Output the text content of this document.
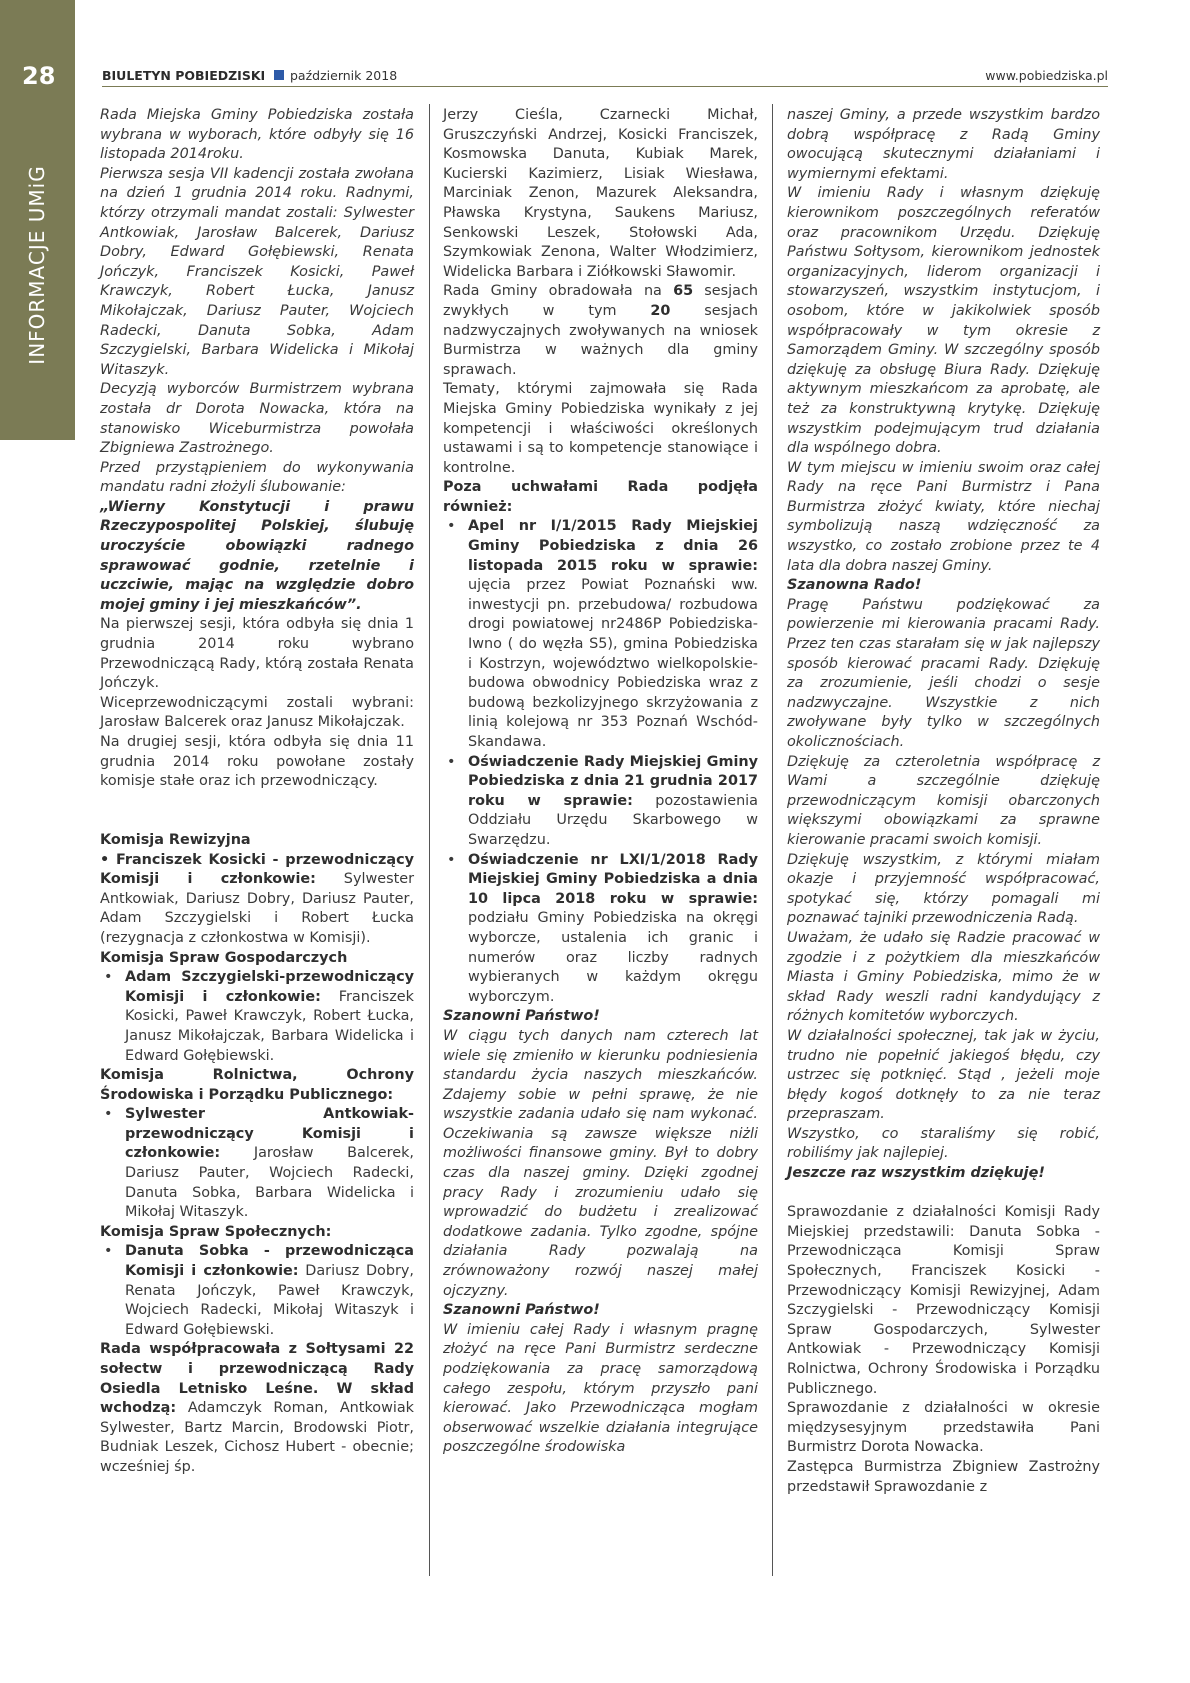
28
INFORMACJE UMiG
BIULETYN POBIEDZISKI październik 2018	www.pobiedziska.pl

Rada Miejska Gminy Pobiedziska została wybrana w wyborach, które odbyły się 16 listopada 2014roku.

Pierwsza sesja VII kadencji została zwołana na dzień 1 grudnia 2014 roku. Radnymi, którzy otrzymali mandat zostali: Sylwester Antkowiak, Jarosław Balcerek, Dariusz Dobry, Edward Gołębiewski, Renata Jończyk, Franciszek Kosicki, Paweł Krawczyk, Robert Łucka, Janusz Mikołajczak, Dariusz Pauter, Wojciech Radecki, Danuta Sobka, Adam Szczygielski, Barbara Widelicka i Mikołaj Witaszyk.

Decyzją wyborców Burmistrzem wybrana została dr Dorota Nowacka, która na stanowisko Wiceburmistrza powołała Zbigniewa Zastrożnego.

Przed przystąpieniem do wykonywania mandatu radni złożyli ślubowanie:

„Wierny Konstytucji i prawu Rzeczypospolitej Polskiej, ślubuję uroczyście obowiązki radnego sprawować godnie, rzetelnie i uczciwie, mając na względzie dobro mojej gminy i jej mieszkańców”.

Na pierwszej sesji, która odbyła się dnia 1 grudnia 2014 roku wybrano Przewodniczącą Rady, którą została Renata Jończyk.

Wiceprzewodniczącymi zostali wybrani: Jarosław Balcerek oraz Janusz Mikołajczak.

Na drugiej sesji, która odbyła się dnia 11 grudnia 2014 roku powołane zostały komisje stałe oraz ich przewodniczący.

Komisja Rewizyjna

• Franciszek Kosicki - przewodniczący Komisji i członkowie: Sylwester Antkowiak, Dariusz Dobry, Dariusz Pauter, Adam Szczygielski i Robert Łucka (rezygnacja z członkostwa w Komisji).

Komisja Spraw Gospodarczych

• Adam Szczygielski-przewodniczący Komisji i członkowie: Franciszek Kosicki, Paweł Krawczyk, Robert Łucka, Janusz Mikołajczak, Barbara Widelicka i Edward Gołębiewski.

Komisja Rolnictwa, Ochrony Środowiska i Porządku Publicznego:

• Sylwester Antkowiak-przewodniczący Komisji i członkowie: Jarosław Balcerek, Dariusz Pauter, Wojciech Radecki, Danuta Sobka, Barbara Widelicka i Mikołaj Witaszyk.

Komisja Spraw Społecznych:

• Danuta Sobka - przewodnicząca Komisji i członkowie: Dariusz Dobry, Renata Jończyk, Paweł Krawczyk, Wojciech Radecki, Mikołaj Witaszyk i Edward Gołębiewski.

Rada współpracowała z Sołtysami 22 sołectw i przewodniczącą Rady Osiedla Letnisko Leśne. W skład wchodzą: Adamczyk Roman, Antkowiak Sylwester, Bartz Marcin, Brodowski Piotr, Budniak Leszek, Cichosz Hubert - obecnie; wcześniej śp.

Jerzy Cieśla, Czarnecki Michał, Gruszczyński Andrzej, Kosicki Franciszek, Kosmowska Danuta, Kubiak Marek, Kucierski Kazimierz, Lisiak Wiesława, Marciniak Zenon, Mazurek Aleksandra, Pławska Krystyna, Saukens Mariusz, Senkowski Leszek, Stołowski Ada, Szymkowiak Zenona, Walter Włodzimierz, Widelicka Barbara i Ziółkowski Sławomir.

Rada Gminy obradowała na 65 sesjach zwykłych w tym 20 sesjach nadzwyczajnych zwoływanych na wniosek Burmistrza w ważnych dla gminy sprawach.

Tematy, którymi zajmowała się Rada Miejska Gminy Pobiedziska wynikały z jej kompetencji i właściwości określonych ustawami i są to kompetencje stanowiące i kontrolne.

Poza uchwałami Rada podjęła również:

• Apel nr I/1/2015 Rady Miejskiej Gminy Pobiedziska z dnia 26 listopada 2015 roku w sprawie: ujęcia przez Powiat Poznański ww. inwestycji pn. przebudowa/ rozbudowa drogi powiatowej nr2486P Pobiedziska-Iwno ( do węzła S5), gmina Pobiedziska i Kostrzyn, województwo wielkopolskie- budowa obwodnicy Pobiedziska wraz z budową bezkolizyjnego skrzyżowania z linią kolejową nr 353 Poznań Wschód-Skandawa.

• Oświadczenie Rady Miejskiej Gminy Pobiedziska z dnia 21 grudnia 2017 roku w sprawie: pozostawienia Oddziału Urzędu Skarbowego w Swarzędzu.

• Oświadczenie nr LXI/1/2018 Rady Miejskiej Gminy Pobiedziska a dnia 10 lipca 2018 roku w sprawie: podziału Gminy Pobiedziska na okręgi wyborcze, ustalenia ich granic i numerów oraz liczby radnych wybieranych w każdym okręgu wyborczym.

Szanowni Państwo!

W ciągu tych danych nam czterech lat wiele się zmieniło w kierunku podniesienia standardu życia naszych mieszkańców. Zdajemy sobie w pełni sprawę, że nie wszystkie zadania udało się nam wykonać. Oczekiwania są zawsze większe niżli możliwości finansowe gminy. Był to dobry czas dla naszej gminy. Dzięki zgodnej pracy Rady i zrozumieniu udało się wprowadzić do budżetu i zrealizować dodatkowe zadania. Tylko zgodne, spójne działania Rady pozwalają na zrównoważony rozwój naszej małej ojczyzny.

Szanowni Państwo!

W imieniu całej Rady i własnym pragnę złożyć na ręce Pani Burmistrz serdeczne podziękowania za pracę samorządową całego zespołu, którym przyszło pani kierować. Jako Przewodnicząca mogłam obserwować wszelkie działania integrujące poszczególne środowiska

naszej Gminy, a przede wszystkim bardzo dobrą współpracę z Radą Gminy owocującą skutecznymi działaniami i wymiernymi efektami.

W imieniu Rady i własnym dziękuję kierownikom poszczególnych referatów oraz pracownikom Urzędu. Dziękuję Państwu Sołtysom, kierownikom jednostek organizacyjnych, liderom organizacji i stowarzyszeń, wszystkim instytucjom, i osobom, które w jakikolwiek sposób współpracowały w tym okresie z Samorządem Gminy. W szczególny sposób dziękuję za obsługę Biura Rady. Dziękuję aktywnym mieszkańcom za aprobatę, ale też za konstruktywną krytykę. Dziękuję wszystkim podejmującym trud działania dla wspólnego dobra.

W tym miejscu w imieniu swoim oraz całej Rady na ręce Pani Burmistrz i Pana Burmistrza złożyć kwiaty, które niechaj symbolizują naszą wdzięczność za wszystko, co zostało zrobione przez te 4 lata dla dobra naszej Gminy.

Szanowna Rado!

Pragę Państwu podziękować za powierzenie mi kierowania pracami Rady. Przez ten czas starałam się w jak najlepszy sposób kierować pracami Rady. Dziękuję za zrozumienie, jeśli chodzi o sesje nadzwyczajne. Wszystkie z nich zwoływane były tylko w szczególnych okolicznościach.

Dziękuję za czteroletnia współpracę z Wami a szczególnie dziękuję przewodniczącym komisji obarczonych większymi obowiązkami za sprawne kierowanie pracami swoich komisji.

Dziękuję wszystkim, z którymi miałam okazje i przyjemność współpracować, spotykać się, którzy pomagali mi poznawać tajniki przewodniczenia Radą.

Uważam, że udało się Radzie pracować w zgodzie i z pożytkiem dla mieszkańców Miasta i Gminy Pobiedziska, mimo że w skład Rady weszli radni kandydujący z różnych komitetów wyborczych.

W działalności społecznej, tak jak w życiu, trudno nie popełnić jakiegoś błędu, czy ustrzec się potknięć. Stąd , jeżeli moje błędy kogoś dotknęły to za nie teraz przepraszam.

Wszystko, co staraliśmy się robić, robiliśmy jak najlepiej.

Jeszcze raz wszystkim dziękuję!

Sprawozdanie z działalności Komisji Rady Miejskiej przedstawili: Danuta Sobka - Przewodnicząca Komisji Spraw Społecznych, Franciszek Kosicki - Przewodniczący Komisji Rewizyjnej, Adam Szczygielski - Przewodniczący Komisji Spraw Gospodarczych, Sylwester Antkowiak - Przewodniczący Komisji Rolnictwa, Ochrony Środowiska i Porządku Publicznego.

Sprawozdanie z działalności w okresie międzysesyjnym przedstawiła Pani Burmistrz Dorota Nowacka.

Zastępca Burmistrza Zbigniew Zastrożny przedstawił Sprawozdanie z
